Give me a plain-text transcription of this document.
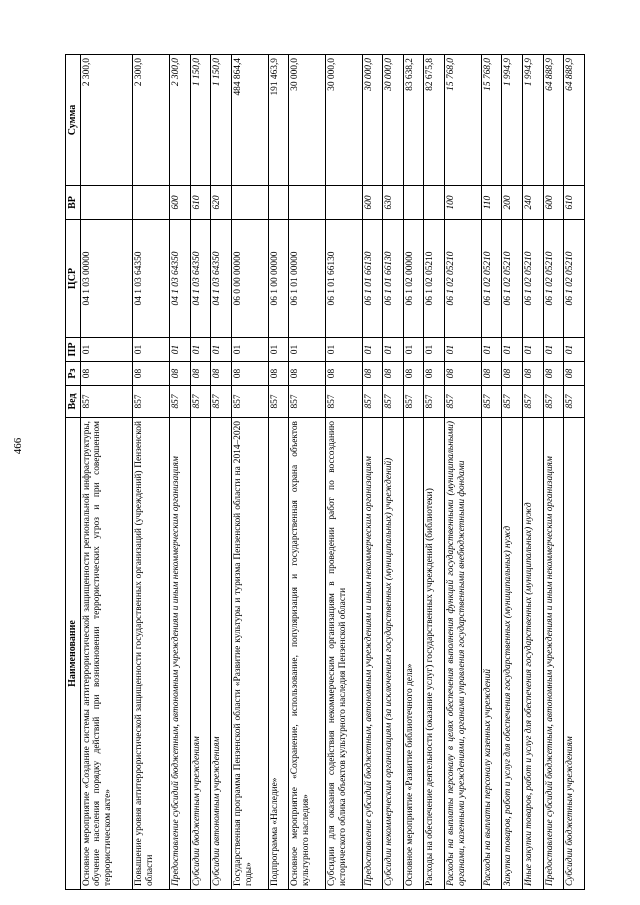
466
Наименование	Вед	Рз	ПР	ЦСР	ВР	Сумма
Основное мероприятие «Создание системы антитеррористической защищенности региональной инфраструктуры, обучение населения порядку действий при возникновении террористических угроз и при совершенном террористическом акте»	857	08	01	04 1 03 00000		2 300,0
Повышение уровня антитеррористической защищенности государственных организаций (учреждений) Пензенской области	857	08	01	04 1 03 64350		2 300,0
Предоставление субсидий бюджетным, автономным учреждениям и иным некоммерческим организациям	857	08	01	04 1 03 64350	600	2 300,0
Субсидии бюджетным учреждениям	857	08	01	04 1 03 64350	610	1 150,0
Субсидии автономным учреждениям	857	08	01	04 1 03 64350	620	1 150,0
Государственная программа Пензенской области «Развитие культуры и туризма Пензенской области на 2014–2020 годы»	857	08	01	06 0 00 00000		484 864,4
Подпрограмма «Наследие»	857	08	01	06 1 00 00000		191 463,9
Основное мероприятие «Сохранение, использование, популяризация и государственная охрана объектов культурного наследия»	857	08	01	06 1 01 00000		30 000,0
Субсидии для оказания содействия некоммерческим организациям в проведении работ по воссозданию исторического облика объектов культурного наследия Пензенской области	857	08	01	06 1 01 66130		30 000,0
Предоставление субсидий бюджетным, автономным учреждениям и иным некоммерческим организациям	857	08	01	06 1 01 66130	600	30 000,0
Субсидии некоммерческим организациям (за исключением государственных (муниципальных) учреждений)	857	08	01	06 1 01 66130	630	30 000,0
Основное мероприятие «Развитие библиотечного дела»	857	08	01	06 1 02 00000		83 638,2
Расходы на обеспечение деятельности (оказание услуг) государственных учреждений (библиотеки)	857	08	01	06 1 02 05210		82 675,8
Расходы на выплаты персоналу в целях обеспечения выполнения функций государственными (муниципальными) органами, казенными учреждениями, органами управления государственными внебюджетными фондами	857	08	01	06 1 02 05210	100	15 768,0
Расходы на выплаты персоналу казенных учреждений	857	08	01	06 1 02 05210	110	15 768,0
Закупка товаров, работ и услуг для обеспечения государственных (муниципальных) нужд	857	08	01	06 1 02 05210	200	1 994,9
Иные закупки товаров, работ и услуг для обеспечения государственных (муниципальных) нужд	857	08	01	06 1 02 05210	240	1 994,9
Предоставление субсидий бюджетным, автономным учреждениям и иным некоммерческим организациям	857	08	01	06 1 02 05210	600	64 888,9
Субсидии бюджетным учреждениям	857	08	01	06 1 02 05210	610	64 888,9
